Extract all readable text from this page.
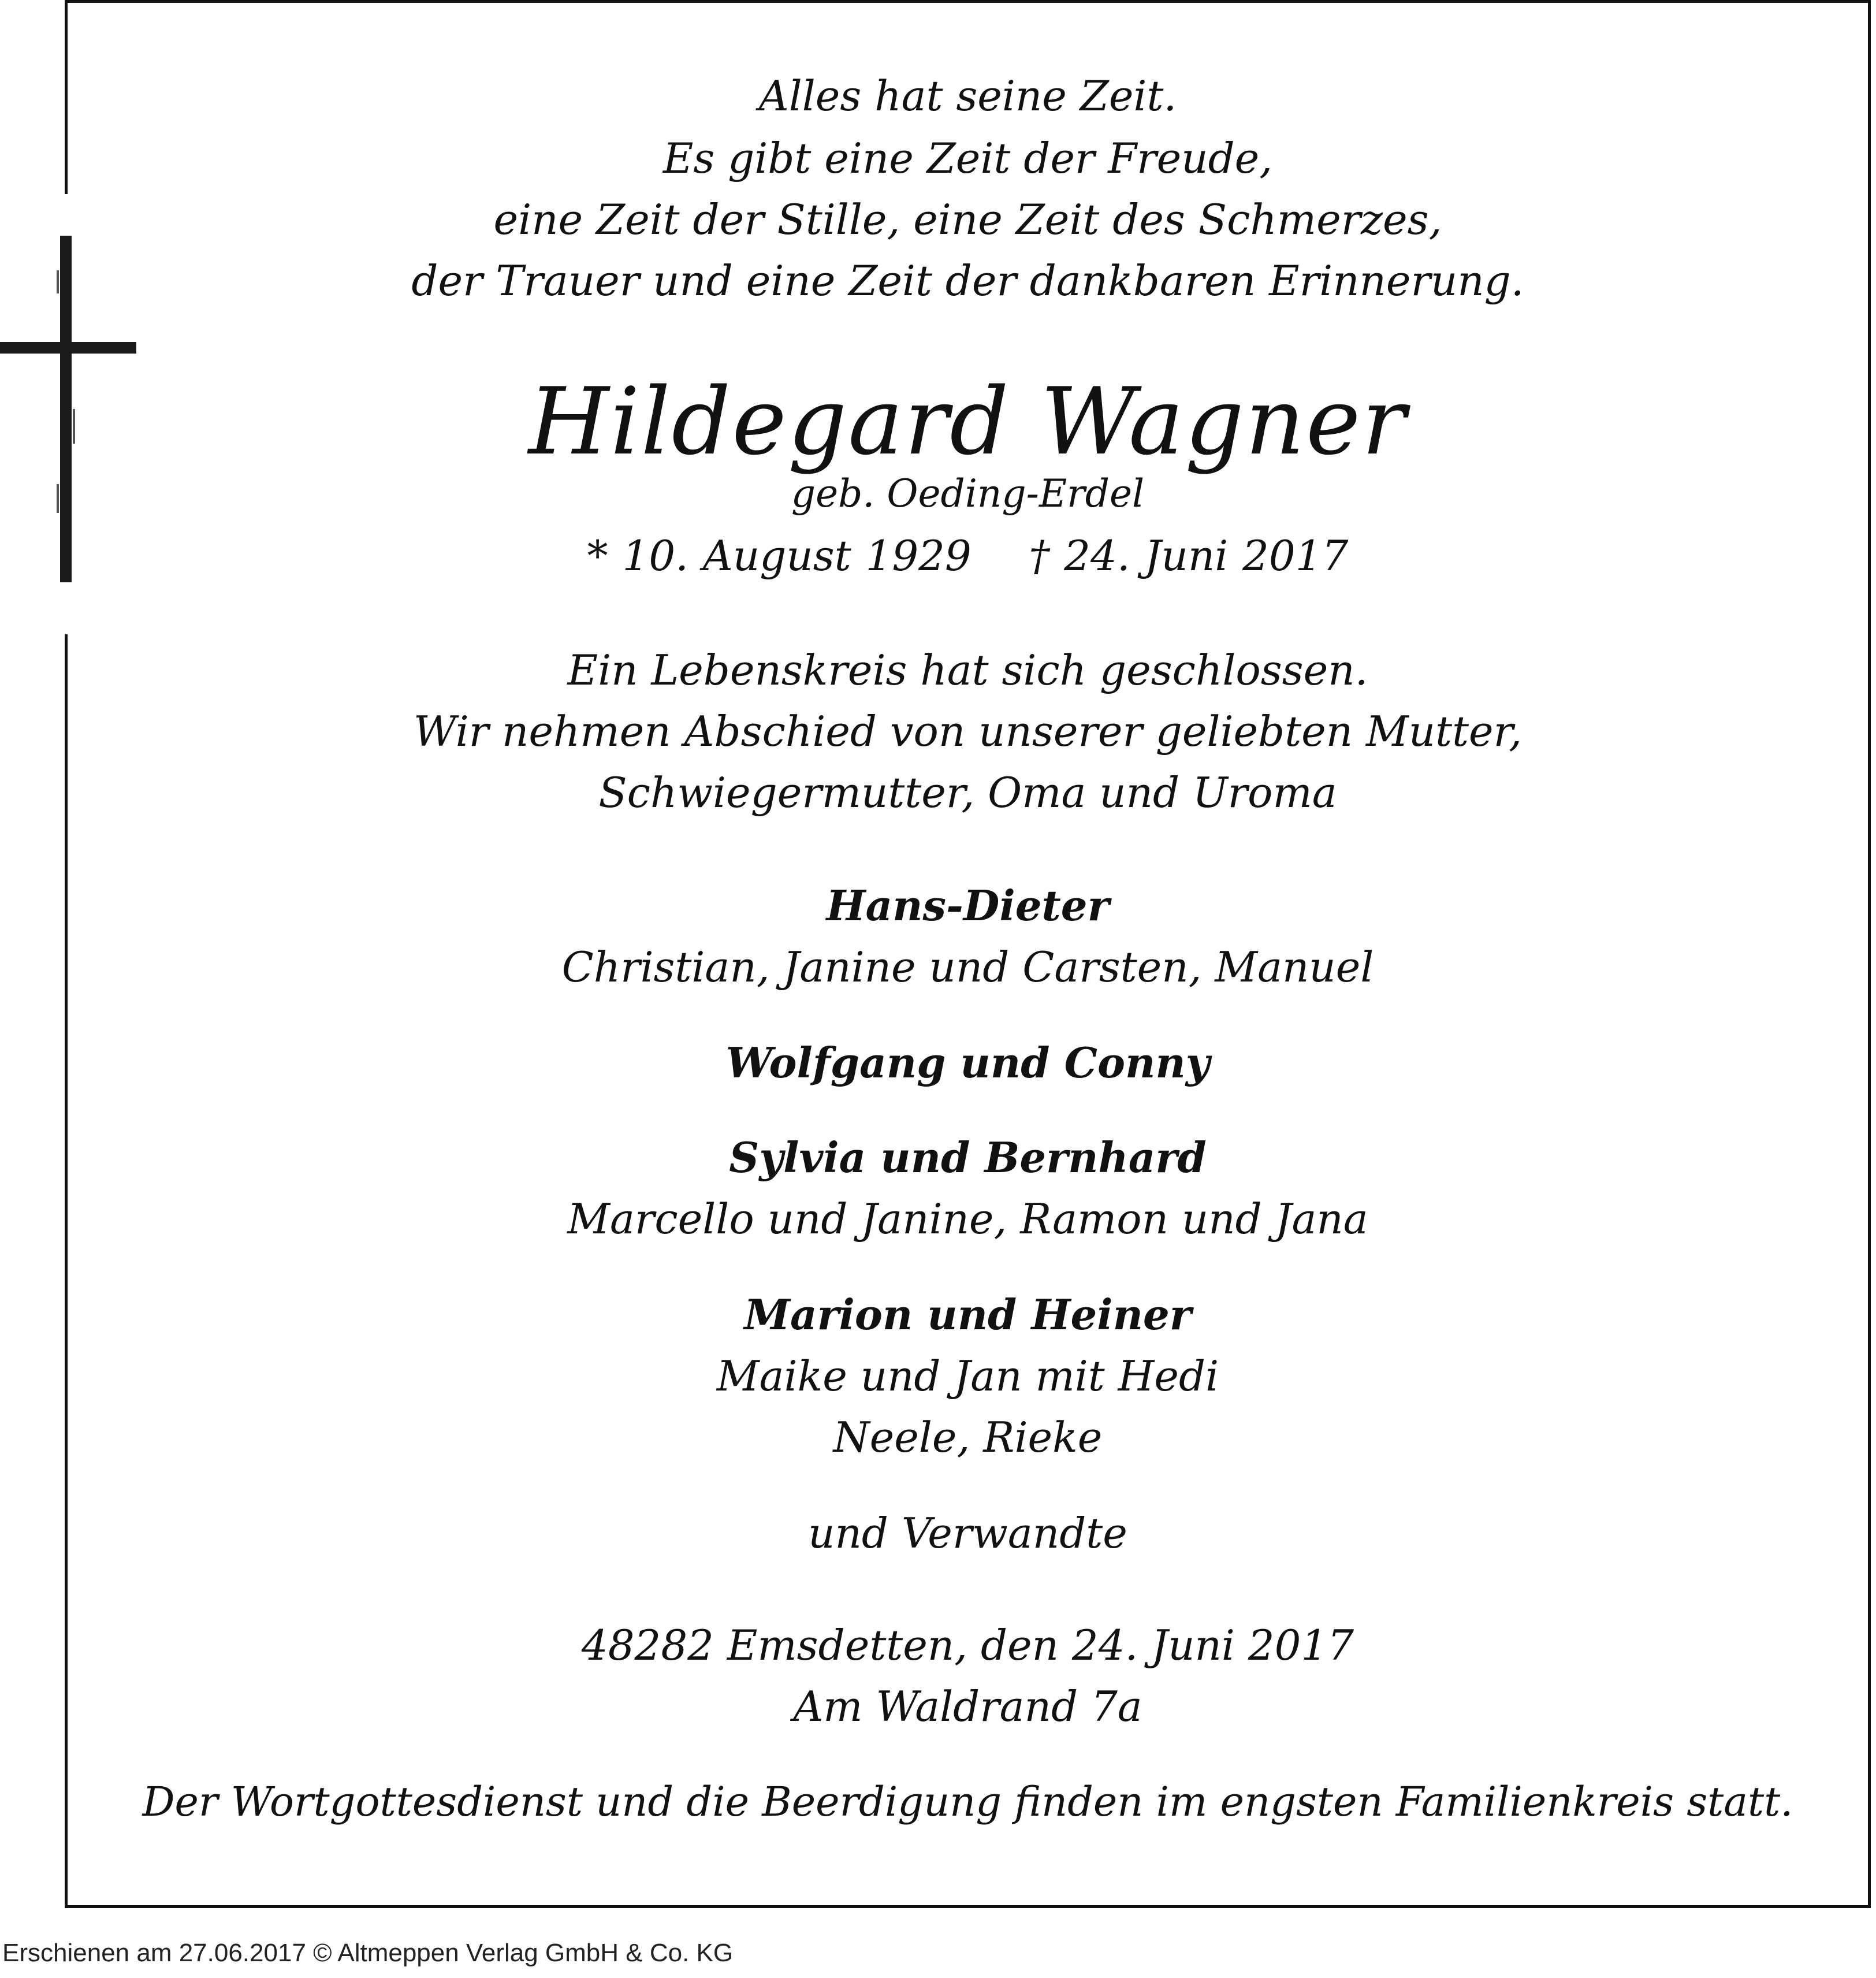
Alles hat seine Zeit.
Es gibt eine Zeit der Freude,
eine Zeit der Stille, eine Zeit des Schmerzes,
der Trauer und eine Zeit der dankbaren Erinnerung.
Hildegard Wagner
geb. Oeding-Erdel
* 10. August 1929    † 24. Juni 2017
Ein Lebenskreis hat sich geschlossen.
Wir nehmen Abschied von unserer geliebten Mutter,
Schwiegermutter, Oma und Uroma
Hans-Dieter
Christian, Janine und Carsten, Manuel
Wolfgang und Conny
Sylvia und Bernhard
Marcello und Janine, Ramon und Jana
Marion und Heiner
Maike und Jan mit Hedi
Neele, Rieke
und Verwandte
48282 Emsdetten, den 24. Juni 2017
Am Waldrand 7a
Der Wortgottesdienst und die Beerdigung finden im engsten Familienkreis statt.
Erschienen am 27.06.2017 © Altmeppen Verlag GmbH & Co. KG
